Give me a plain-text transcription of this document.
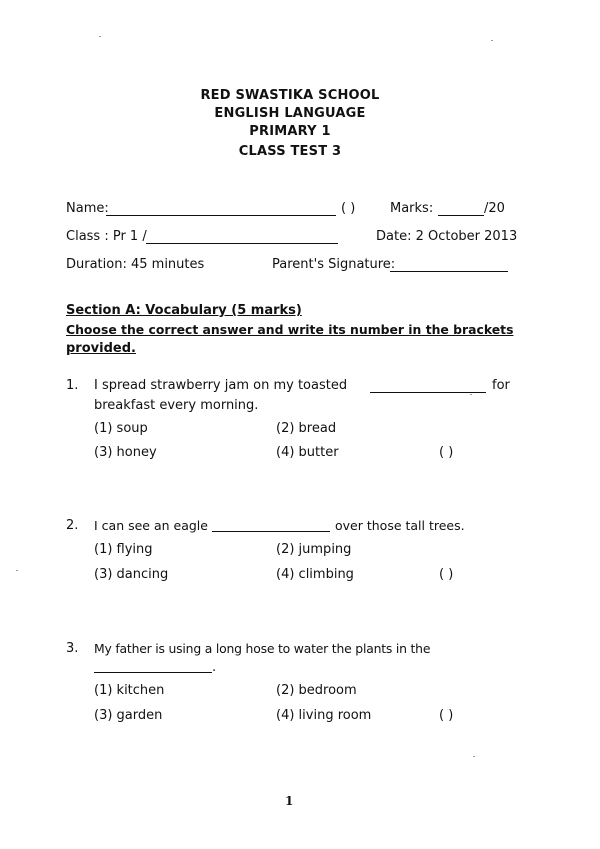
RED SWASTIKA SCHOOL
ENGLISH LANGUAGE
PRIMARY 1
CLASS TEST 3
Name:	( )	Marks:	/20
Class : Pr 1 /	Date: 2 October 2013
Duration: 45 minutes	Parent's Signature:
Section A: Vocabulary (5 marks)
Choose the correct answer and write its number in the brackets
provided.
1. I spread strawberry jam on my toasted	for
breakfast every morning.
(1) soup	(2) bread
(3) honey	(4) butter	( )
2. I can see an eagle	over those tall trees.
(1) flying	(2) jumping
(3) dancing	(4) climbing	( )
3. My father is using a long hose to water the plants in the
.
(1) kitchen	(2) bedroom
(3) garden	(4) living room	( )
1
